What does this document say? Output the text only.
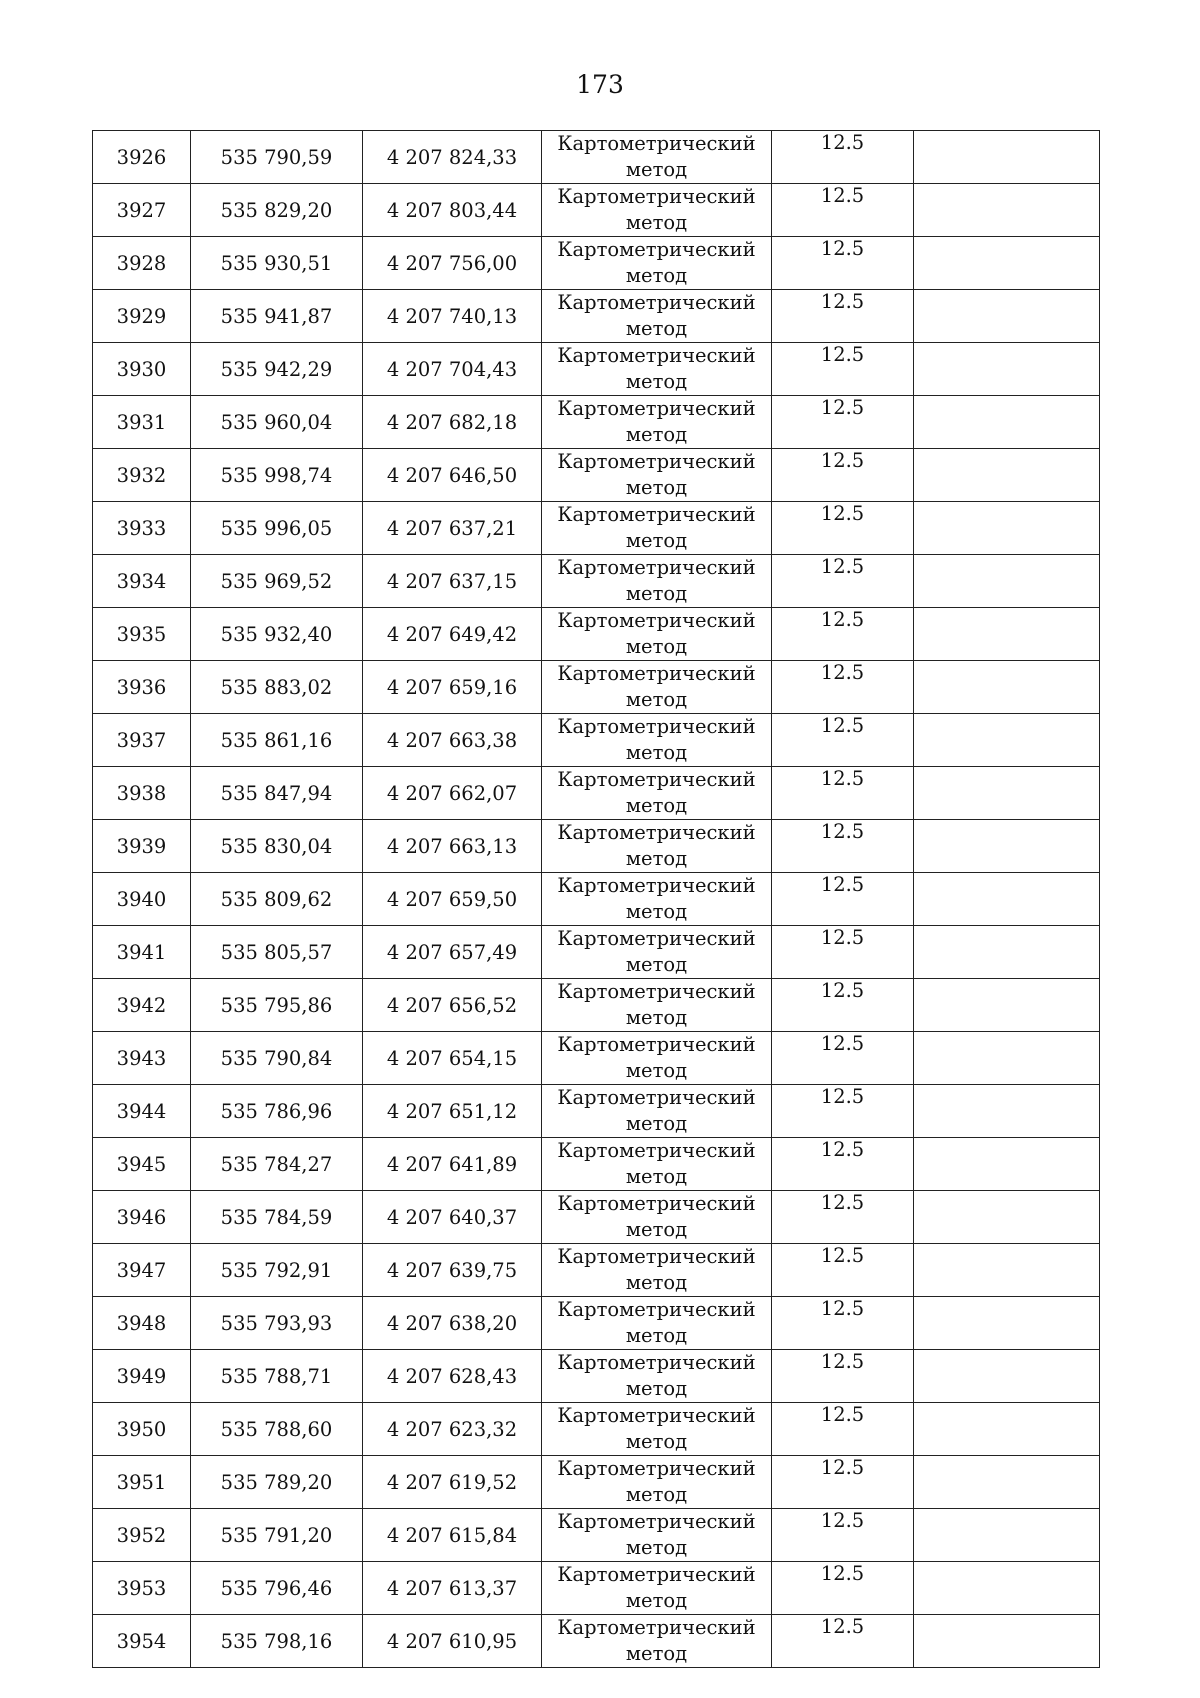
173
3926	535 790,59	4 207 824,33	Картометрический
метод	12.5	
3927	535 829,20	4 207 803,44	Картометрический
метод	12.5	
3928	535 930,51	4 207 756,00	Картометрический
метод	12.5	
3929	535 941,87	4 207 740,13	Картометрический
метод	12.5	
3930	535 942,29	4 207 704,43	Картометрический
метод	12.5	
3931	535 960,04	4 207 682,18	Картометрический
метод	12.5	
3932	535 998,74	4 207 646,50	Картометрический
метод	12.5	
3933	535 996,05	4 207 637,21	Картометрический
метод	12.5	
3934	535 969,52	4 207 637,15	Картометрический
метод	12.5	
3935	535 932,40	4 207 649,42	Картометрический
метод	12.5	
3936	535 883,02	4 207 659,16	Картометрический
метод	12.5	
3937	535 861,16	4 207 663,38	Картометрический
метод	12.5	
3938	535 847,94	4 207 662,07	Картометрический
метод	12.5	
3939	535 830,04	4 207 663,13	Картометрический
метод	12.5	
3940	535 809,62	4 207 659,50	Картометрический
метод	12.5	
3941	535 805,57	4 207 657,49	Картометрический
метод	12.5	
3942	535 795,86	4 207 656,52	Картометрический
метод	12.5	
3943	535 790,84	4 207 654,15	Картометрический
метод	12.5	
3944	535 786,96	4 207 651,12	Картометрический
метод	12.5	
3945	535 784,27	4 207 641,89	Картометрический
метод	12.5	
3946	535 784,59	4 207 640,37	Картометрический
метод	12.5	
3947	535 792,91	4 207 639,75	Картометрический
метод	12.5	
3948	535 793,93	4 207 638,20	Картометрический
метод	12.5	
3949	535 788,71	4 207 628,43	Картометрический
метод	12.5	
3950	535 788,60	4 207 623,32	Картометрический
метод	12.5	
3951	535 789,20	4 207 619,52	Картометрический
метод	12.5	
3952	535 791,20	4 207 615,84	Картометрический
метод	12.5	
3953	535 796,46	4 207 613,37	Картометрический
метод	12.5	
3954	535 798,16	4 207 610,95	Картометрический
метод	12.5	
